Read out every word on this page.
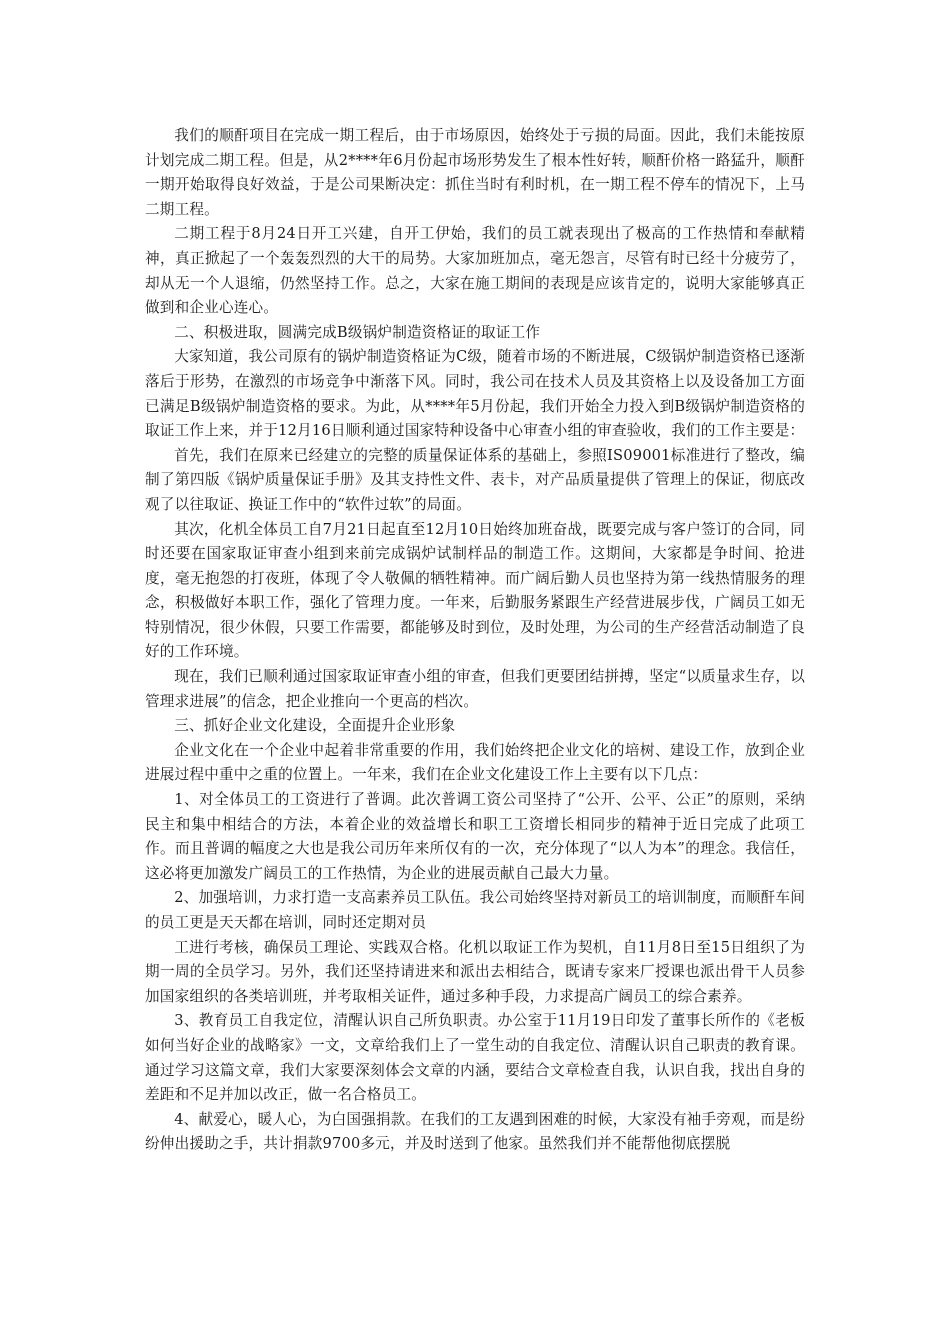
我们的顺酐项目在完成一期工程后，由于市场原因，始终处于亏损的局面。因此，我们未能按原计划完成二期工程。但是，从2****年6月份起市场形势发生了根本性好转，顺酐价格一路猛升，顺酐一期开始取得良好效益，于是公司果断决定：抓住当时有利时机，在一期工程不停车的情况下，上马二期工程。

二期工程于8月24日开工兴建，自开工伊始，我们的员工就表现出了极高的工作热情和奉献精神，真正掀起了一个轰轰烈烈的大干的局势。大家加班加点，毫无怨言，尽管有时已经十分疲劳了，却从无一个人退缩，仍然坚持工作。总之，大家在施工期间的表现是应该肯定的，说明大家能够真正做到和企业心连心。

二、积极进取，圆满完成B级锅炉制造资格证的取证工作

大家知道，我公司原有的锅炉制造资格证为C级，随着市场的不断进展，C级锅炉制造资格已逐渐落后于形势，在激烈的市场竞争中渐落下风。同时，我公司在技术人员及其资格上以及设备加工方面已满足B级锅炉制造资格的要求。为此，从****年5月份起，我们开始全力投入到B级锅炉制造资格的取证工作上来，并于12月16日顺利通过国家特种设备中心审查小组的审查验收，我们的工作主要是：

首先，我们在原来已经建立的完整的质量保证体系的基础上，参照IS09001标准进行了整改，编制了第四版《锅炉质量保证手册》及其支持性文件、表卡，对产品质量提供了管理上的保证，彻底改观了以往取证、换证工作中的“软件过软”的局面。

其次，化机全体员工自7月21日起直至12月10日始终加班奋战，既要完成与客户签订的合同，同时还要在国家取证审查小组到来前完成锅炉试制样品的制造工作。这期间，大家都是争时间、抢进度，毫无抱怨的打夜班，体现了令人敬佩的牺牲精神。而广阔后勤人员也坚持为第一线热情服务的理念，积极做好本职工作，强化了管理力度。一年来，后勤服务紧跟生产经营进展步伐，广阔员工如无特别情况，很少休假，只要工作需要，都能够及时到位，及时处理，为公司的生产经营活动制造了良好的工作环境。

现在，我们已顺利通过国家取证审查小组的审查，但我们更要团结拼搏，坚定“以质量求生存，以管理求进展”的信念，把企业推向一个更高的档次。

三、抓好企业文化建设，全面提升企业形象

企业文化在一个企业中起着非常重要的作用，我们始终把企业文化的培树、建设工作，放到企业进展过程中重中之重的位置上。一年来，我们在企业文化建设工作上主要有以下几点：

1、对全体员工的工资进行了普调。此次普调工资公司坚持了“公开、公平、公正”的原则，采纳民主和集中相结合的方法，本着企业的效益增长和职工工资增长相同步的精神于近日完成了此项工作。而且普调的幅度之大也是我公司历年来所仅有的一次，充分体现了“以人为本”的理念。我信任，这必将更加激发广阔员工的工作热情，为企业的进展贡献自己最大力量。

2、加强培训，力求打造一支高素养员工队伍。我公司始终坚持对新员工的培训制度，而顺酐车间的员工更是天天都在培训，同时还定期对员

工进行考核，确保员工理论、实践双合格。化机以取证工作为契机，自11月8日至15日组织了为期一周的全员学习。另外，我们还坚持请进来和派出去相结合，既请专家来厂授课也派出骨干人员参加国家组织的各类培训班，并考取相关证件，通过多种手段，力求提高广阔员工的综合素养。

3、教育员工自我定位，清醒认识自己所负职责。办公室于11月19日印发了董事长所作的《老板如何当好企业的战略家》一文，文章给我们上了一堂生动的自我定位、清醒认识自己职责的教育课。通过学习这篇文章，我们大家要深刻体会文章的内涵，要结合文章检查自我，认识自我，找出自身的差距和不足并加以改正，做一名合格员工。

4、献爱心，暖人心，为白国强捐款。在我们的工友遇到困难的时候，大家没有袖手旁观，而是纷纷伸出援助之手，共计捐款9700多元，并及时送到了他家。虽然我们并不能帮他彻底摆脱
